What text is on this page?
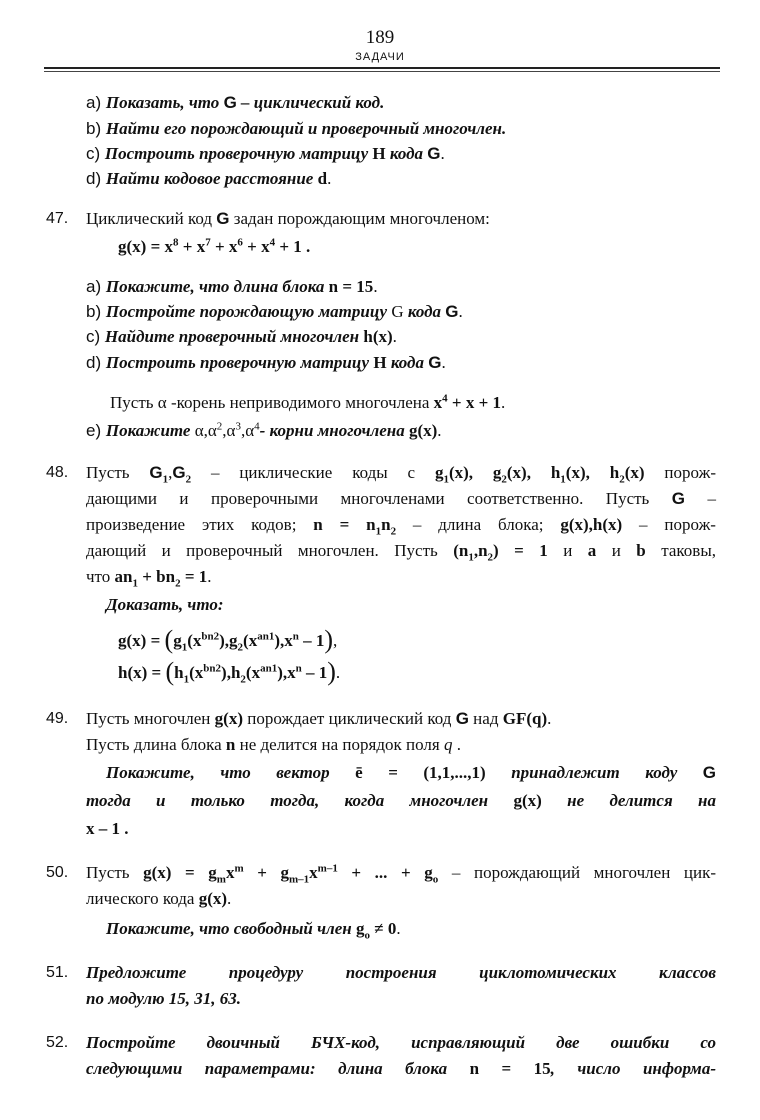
189
ЗАДАЧИ
a) Показать, что G – циклический код.
b) Найти его порождающий и проверочный многочлен.
c) Построить проверочную матрицу H кода G.
d) Найти кодовое расстояние d.
47. Циклический код G задан порождающим многочленом:
$g(x) = x^8 + x^7 + x^6 + x^4 + 1$ .
a) Покажите, что длина блока n = 15.
b) Постройте порождающую матрицу G кода G.
c) Найдите проверочный многочлен h(x).
d) Построить проверочную матрицу H кода G.
Пусть α -корень неприводимого многочлена $x^4 + x + 1$.
e) Покажите $\alpha,\alpha^2,\alpha^3,\alpha^4-$ корни многочлена g(x).
48. Пусть $G_1,G_2$ – циклические коды с $g_1(x)$, $g_2(x)$, $h_1(x)$, $h_2(x)$ порож-
дающими и проверочными многочленами соответственно. Пусть G –
произведение этих кодов; $n = n_1n_2$ – длина блока; g(x),h(x) – порож-
дающий и проверочный многочлен. Пусть $(n_1,n_2) = 1$ и a и b таковы,
что $an_1 + bn_2 = 1$.
Доказать, что:
$g(x) = (g_1(x^{bn2}),g_2(x^{an1}),x^n - 1)$,
$h(x) = (h_1(x^{bn2}),h_2(x^{an1}),x^n - 1)$.
49. Пусть многочлен g(x) порождает циклический код G над GF(q).
Пусть длина блока n не делится на порядок поля q .
Покажите, что вектор ē = (1,1,...,1) принадлежит коду G
тогда и только тогда, когда многочлен g(x) не делится на
x – 1 .
50. Пусть $g(x) = g_mx^m + g_{m-1}x^{m-1}$ + ... + $g_o$ – порождающий многочлен цик-
лического кода g(x).
Покажите, что свободный член $g_o \ne 0$.
51. Предложите процедуру построения циклотомических классов
по модулю 15, 31, 63.
52. Постройте двоичный БЧХ-код, исправляющий две ошибки со
следующими параметрами: длина блока n = 15, число информа-
